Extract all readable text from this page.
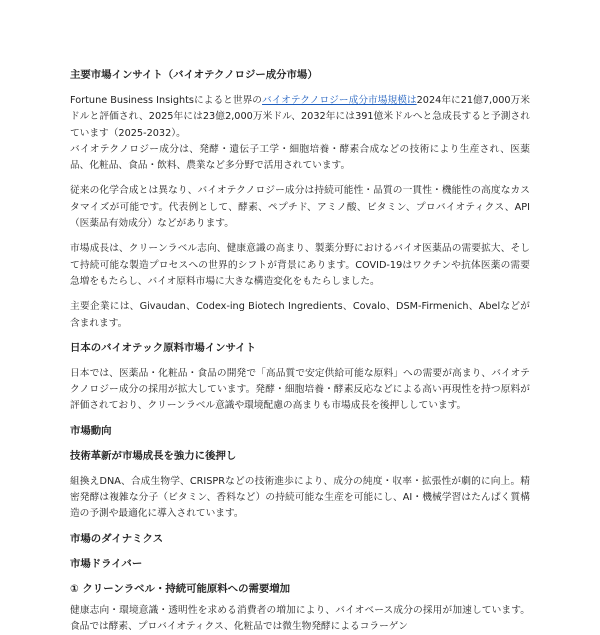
主要市場インサイト（バイオテクノロジー成分市場）
Fortune Business Insightsによると世界のバイオテクノロジー成分市場規模は2024年に21億7,000万米ドルと評価され、2025年には23億2,000万米ドル、2032年には391億米ドルへと急成長すると予測されています（2025-2032）。
バイオテクノロジー成分は、発酵・遺伝子工学・細胞培養・酵素合成などの技術により生産され、医薬品、化粧品、食品・飲料、農業など多分野で活用されています。
従来の化学合成とは異なり、バイオテクノロジー成分は持続可能性・品質の一貫性・機能性の高度なカスタマイズが可能です。代表例として、酵素、ペプチド、アミノ酸、ビタミン、プロバイオティクス、API（医薬品有効成分）などがあります。
市場成長は、クリーンラベル志向、健康意識の高まり、製薬分野におけるバイオ医薬品の需要拡大、そして持続可能な製造プロセスへの世界的シフトが背景にあります。COVID-19はワクチンや抗体医薬の需要急増をもたらし、バイオ原料市場に大きな構造変化をもたらしました。
主要企業には、Givaudan、Codex-ing Biotech Ingredients、Covalo、DSM-Firmenich、Abelなどが含まれます。
日本のバイオテック原料市場インサイト
日本では、医薬品・化粧品・食品の開発で「高品質で安定供給可能な原料」への需要が高まり、バイオテクノロジー成分の採用が拡大しています。発酵・細胞培養・酵素反応などによる高い再現性を持つ原料が評価されており、クリーンラベル意識や環境配慮の高まりも市場成長を後押ししています。
市場動向
技術革新が市場成長を強力に後押し
組換えDNA、合成生物学、CRISPRなどの技術進歩により、成分の純度・収率・拡張性が劇的に向上。精密発酵は複雑な分子（ビタミン、香料など）の持続可能な生産を可能にし、AI・機械学習はたんぱく質構造の予測や最適化に導入されています。
市場のダイナミクス
市場ドライバー
① クリーンラベル・持続可能原料への需要増加
健康志向・環境意識・透明性を求める消費者の増加により、バイオベース成分の採用が加速しています。食品では酵素、プロバイオティクス、化粧品では微生物発酵によるコラーゲン
